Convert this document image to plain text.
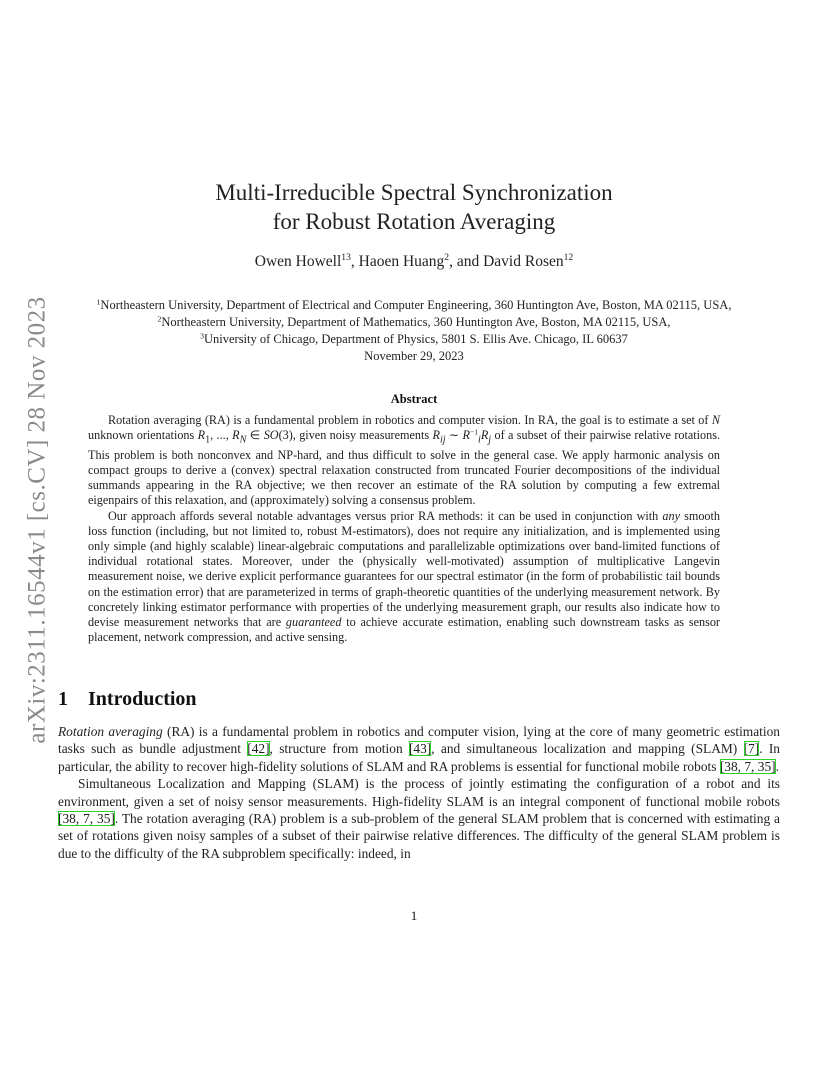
arXiv:2311.16544v1 [cs.CV] 28 Nov 2023
Multi-Irreducible Spectral Synchronization
for Robust Rotation Averaging
Owen Howell$^{13}$, Haoen Huang$^2$, and David Rosen$^{12}$
$^1$Northeastern University, Department of Electrical and Computer Engineering, 360 Huntington Ave, Boston, MA 02115, USA,
$^2$Northeastern University, Department of Mathematics, 360 Huntington Ave, Boston, MA 02115, USA,
$^3$University of Chicago, Department of Physics, 5801 S. Ellis Ave. Chicago, IL 60637
November 29, 2023
Abstract

Rotation averaging (RA) is a fundamental problem in robotics and computer vision. In RA, the goal is to estimate a set of N unknown orientations $R_1$, ..., $R_N$ ∈ SO(3), given noisy measurements $R_{ij}$ ∼ $R^{-1}_iR_j$ of a subset of their pairwise relative rotations. This problem is both nonconvex and NP-hard, and thus difficult to solve in the general case. We apply harmonic analysis on compact groups to derive a (convex) spectral relaxation constructed from truncated Fourier decompositions of the individual summands appearing in the RA objective; we then recover an estimate of the RA solution by computing a few extremal eigenpairs of this relaxation, and (approximately) solving a consensus problem.

Our approach affords several notable advantages versus prior RA methods: it can be used in conjunction with any smooth loss function (including, but not limited to, robust M-estimators), does not require any initialization, and is implemented using only simple (and highly scalable) linear-algebraic computations and parallelizable optimizations over band-limited functions of individual rotational states. Moreover, under the (physically well-motivated) assumption of multiplicative Langevin measurement noise, we derive explicit performance guarantees for our spectral estimator (in the form of probabilistic tail bounds on the estimation error) that are parameterized in terms of graph-theoretic quantities of the underlying measurement network. By concretely linking estimator performance with properties of the underlying measurement graph, our results also indicate how to devise measurement networks that are guaranteed to achieve accurate estimation, enabling such downstream tasks as sensor placement, network compression, and active sensing.

1 Introduction

Rotation averaging (RA) is a fundamental problem in robotics and computer vision, lying at the core of many geometric estimation tasks such as bundle adjustment [42], structure from motion [43], and simultaneous localization and mapping (SLAM) [7]. In particular, the ability to recover high-fidelity solutions of SLAM and RA problems is essential for functional mobile robots [38, 7, 35].

Simultaneous Localization and Mapping (SLAM) is the process of jointly estimating the configuration of a robot and its environment, given a set of noisy sensor measurements. High-fidelity SLAM is an integral component of functional mobile robots [38, 7, 35]. The rotation averaging (RA) problem is a sub-problem of the general SLAM problem that is concerned with estimating a set of rotations given noisy samples of a subset of their pairwise relative differences. The difficulty of the general SLAM problem is due to the difficulty of the RA subproblem specifically: indeed, in

1
